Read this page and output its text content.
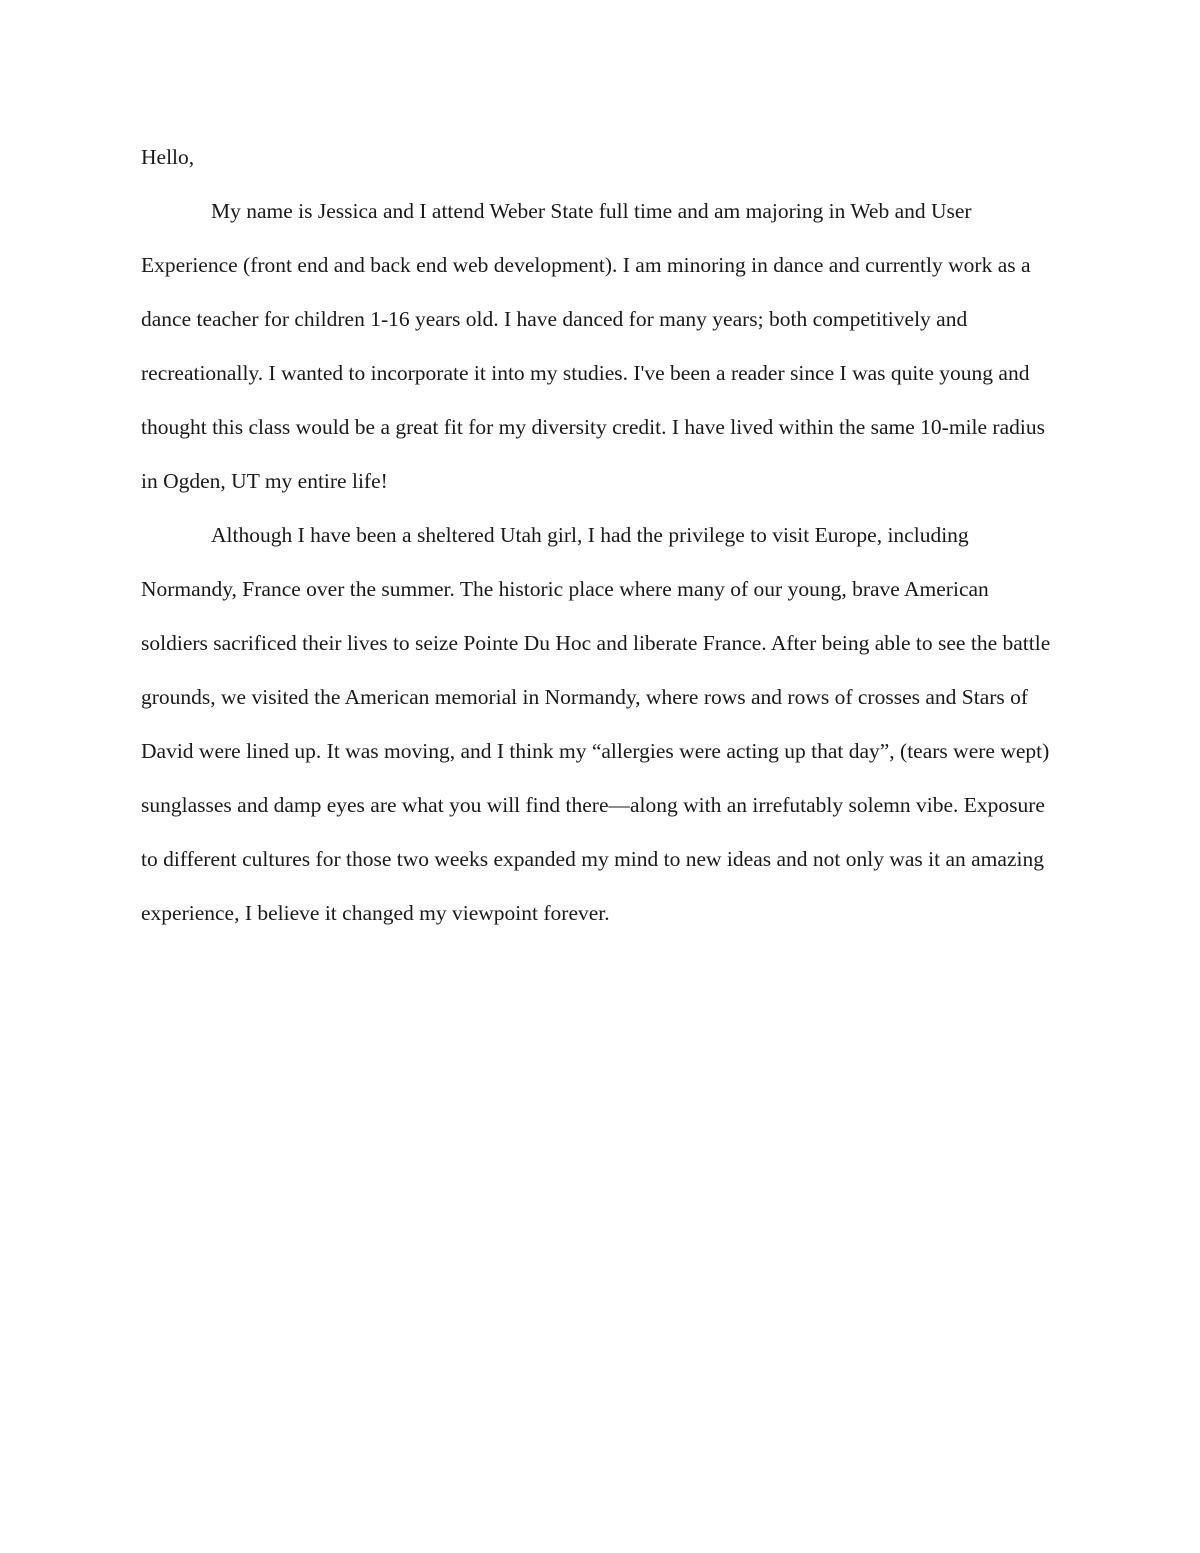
Hello,

My name is Jessica and I attend Weber State full time and am majoring in Web and User Experience (front end and back end web development). I am minoring in dance and currently work as a dance teacher for children 1-16 years old. I have danced for many years; both competitively and recreationally. I wanted to incorporate it into my studies. I've been a reader since I was quite young and thought this class would be a great fit for my diversity credit. I have lived within the same 10-mile radius in Ogden, UT my entire life!

Although I have been a sheltered Utah girl, I had the privilege to visit Europe, including Normandy, France over the summer. The historic place where many of our young, brave American soldiers sacrificed their lives to seize Pointe Du Hoc and liberate France. After being able to see the battle grounds, we visited the American memorial in Normandy, where rows and rows of crosses and Stars of David were lined up. It was moving, and I think my “allergies were acting up that day”, (tears were wept) sunglasses and damp eyes are what you will find there—along with an irrefutably solemn vibe. Exposure to different cultures for those two weeks expanded my mind to new ideas and not only was it an amazing experience, I believe it changed my viewpoint forever.
